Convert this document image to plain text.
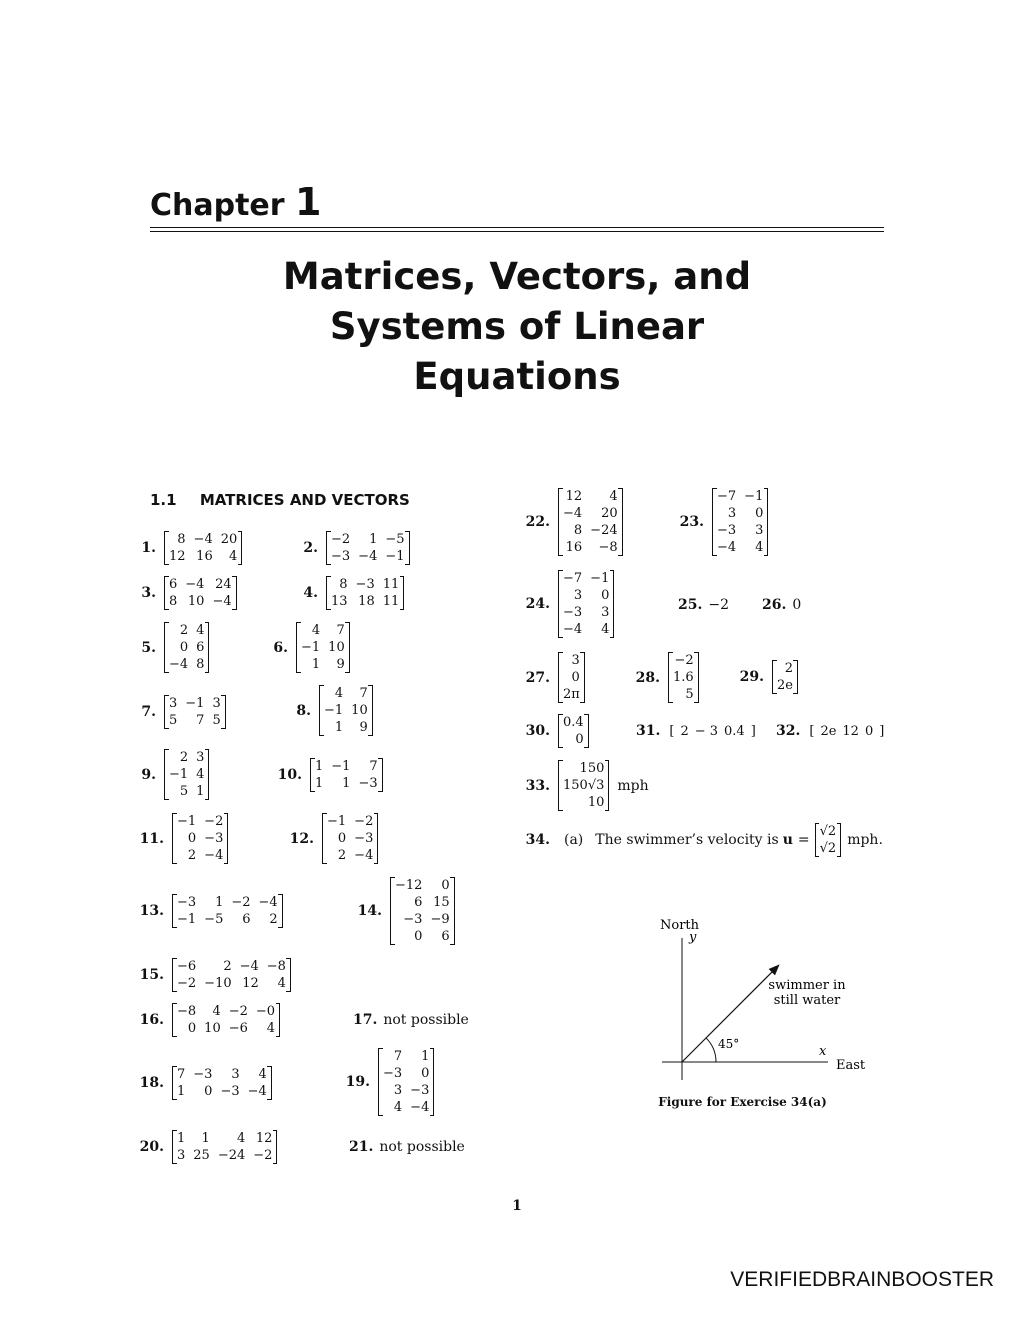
Chapter 1
Matrices, Vectors, and
Systems of Linear
Equations
1.1 MATRICES AND VECTORS
1.
8	−4	20
12	16	4

2.
−2	1	−5
−3	−4	−1

3.
6	−4	24
8	10	−4

4.
8	−3	11
13	18	11

5.
2	4
0	6
−4	8

6.
4	7
−1	10
1	9

7.
3	−1	3
5	7	5

8.
4	7
−1	10
1	9

9.
2	3
−1	4
5	1

10.
1	−1	7
1	1	−3

11.
−1	−2
0	−3
2	−4

12.
−1	−2
0	−3
2	−4

13.
−3	1	−2	−4
−1	−5	6	2

14.
−12	0
6	15
−3	−9
0	6

15.
−6	2	−4	−8
−2	−10	12	4

16.
−8	4	−2	−0
0	10	−6	4

17. not possible
18.
7	−3	3	4
1	0	−3	−4

19.
7	1
−3	0
3	−3
4	−4

20.
1	1	4	12
3	25	−24	−2

21. not possible
22.
12	4
−4	20
8	−24
16	−8

23.
−7	−1
3	0
−3	3
−4	4

24.
−7	−1
3	0
−3	3
−4	4

25. −2 26. 0
27.
3
0
2π

28.
−2
1.6
5

29.
2
2e

30.
0.4
0

31. [ 2 − 3 0.4 ] 32. [ 2e 12 0 ]
33.
150
150√3
10

mph
34. (a) The swimmer’s velocity is u =
√2
√2

mph.
North
y
x
East
45°
swimmer in
still water
Figure for Exercise 34(a)
1
VERIFIEDBRAINBOOSTER
